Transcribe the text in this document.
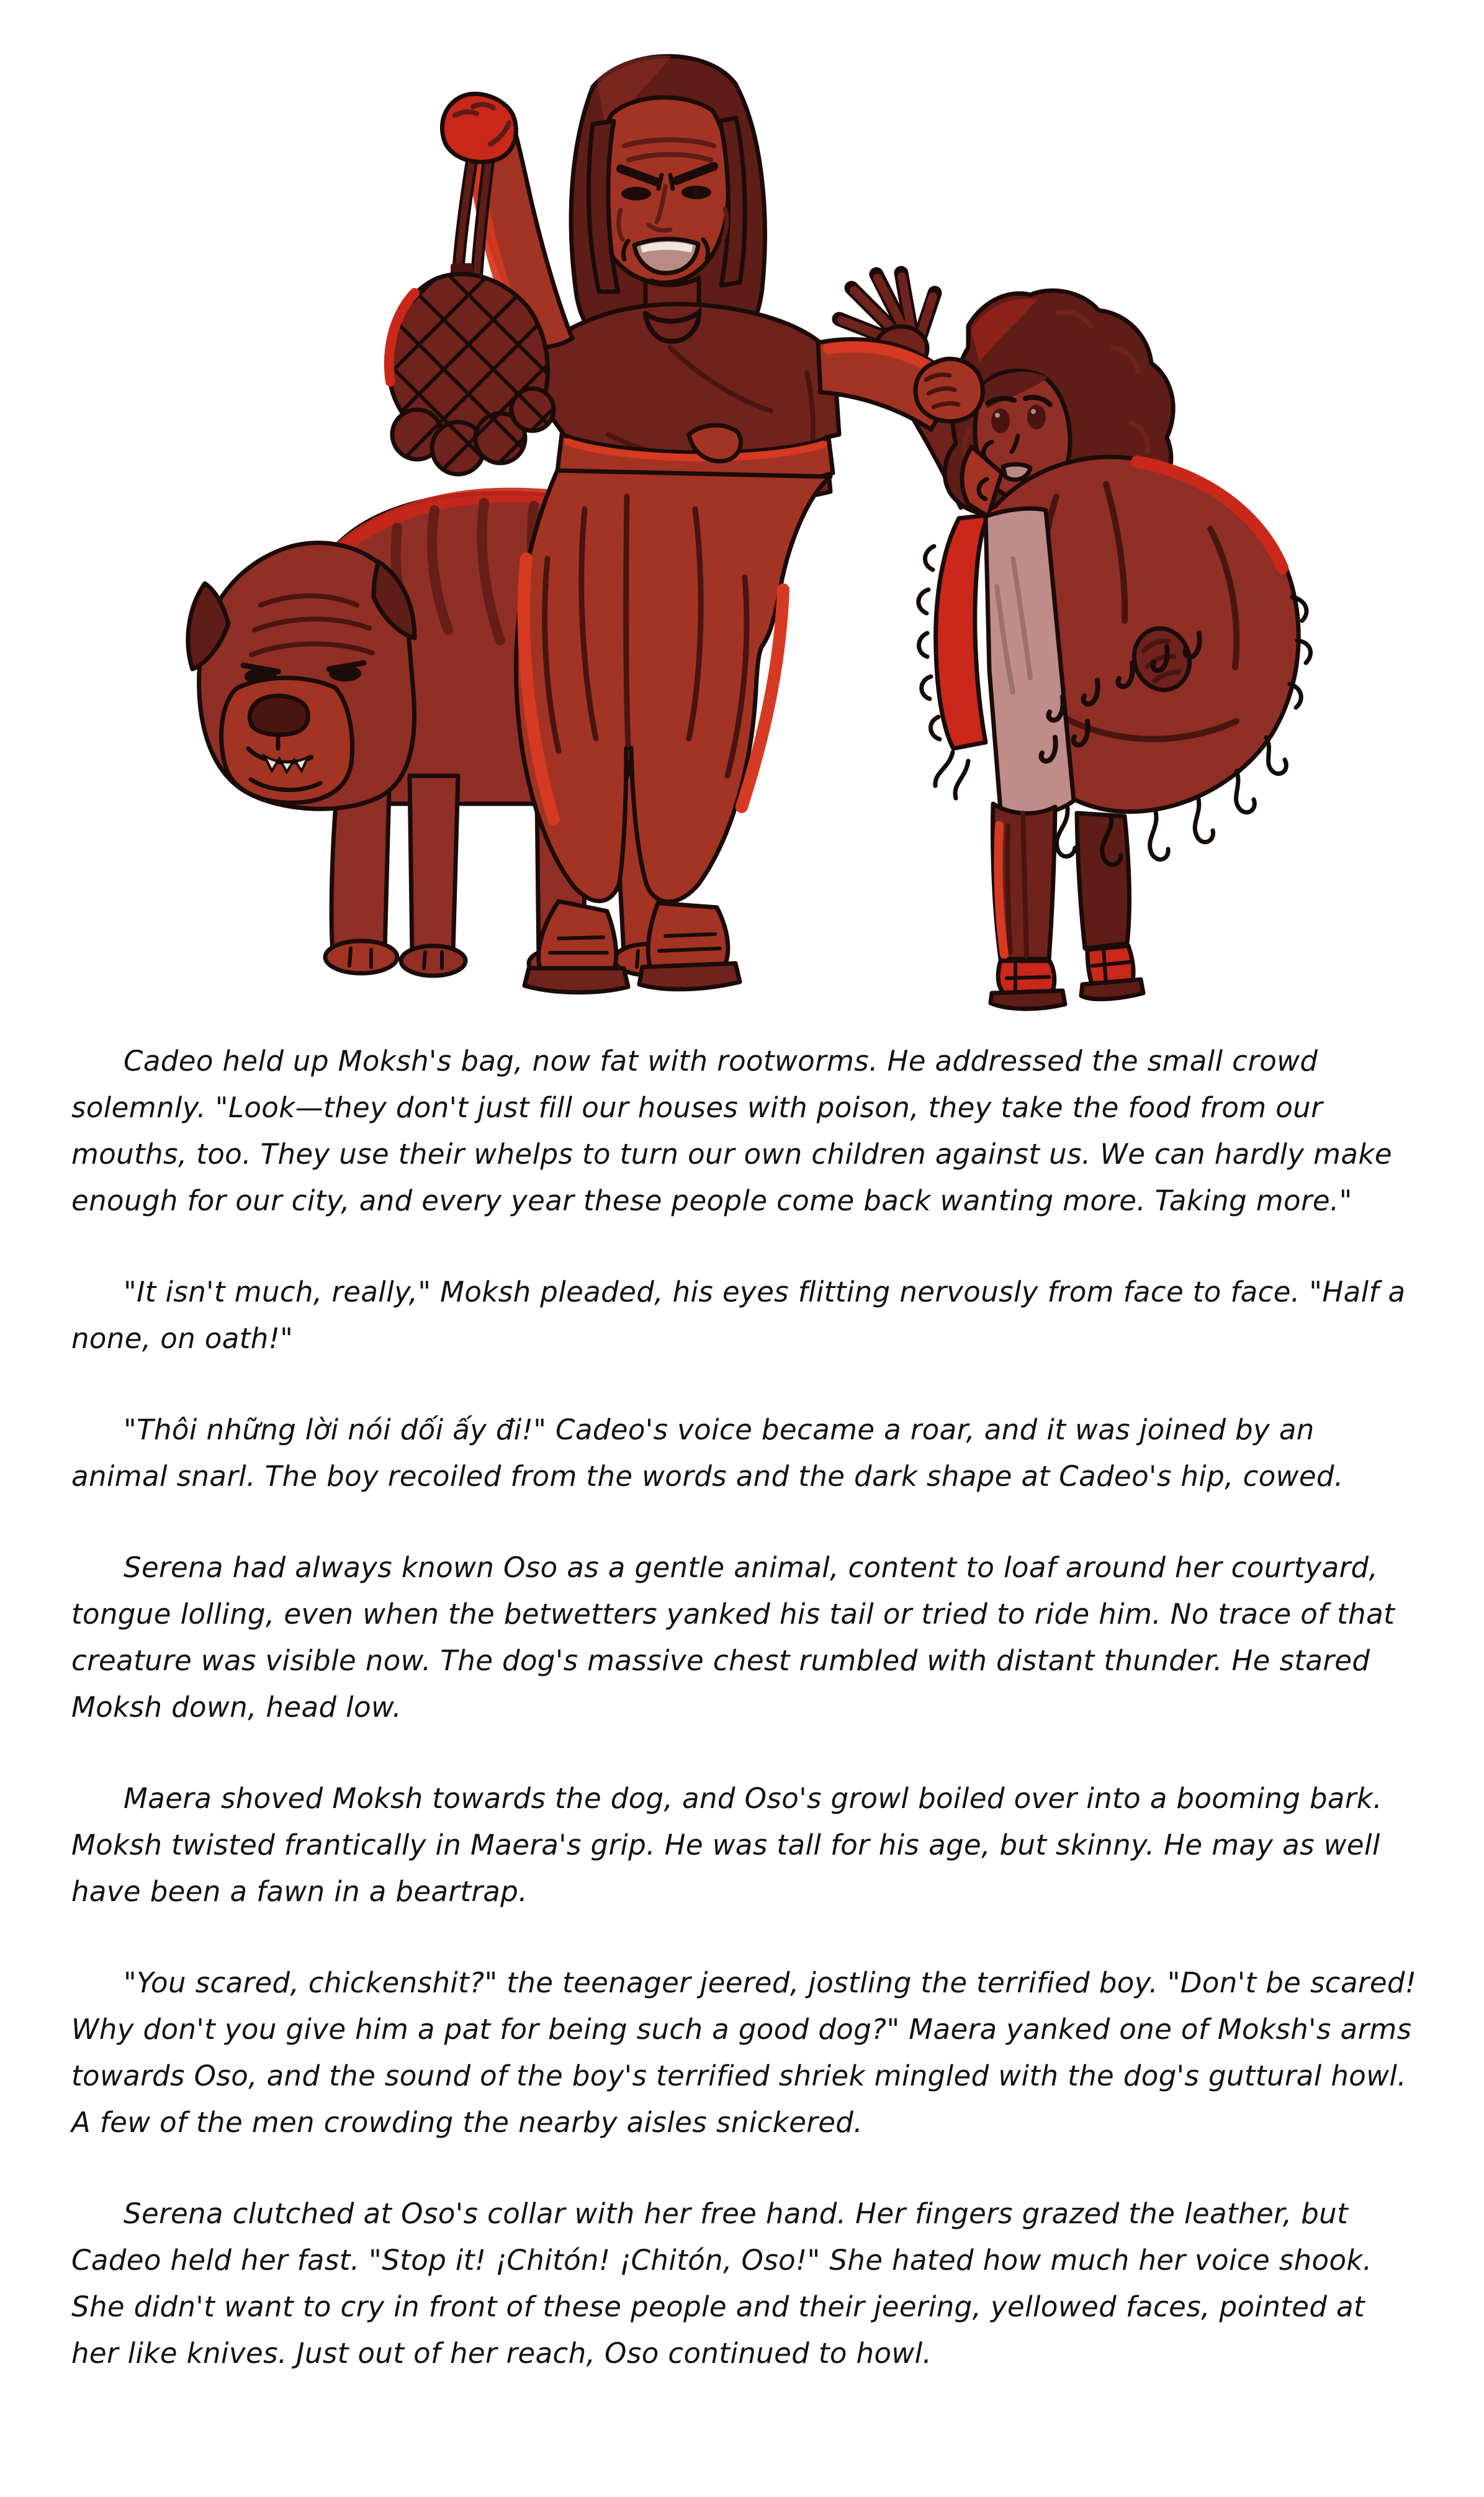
Cadeo held up Moksh's bag, now fat with rootworms. He addressed the small crowd solemnly. "Look—they don't just fill our houses with poison, they take the food from our mouths, too. They use their whelps to turn our own children against us. We can hardly make enough for our city, and every year these people come back wanting more. Taking more."

"It isn't much, really," Moksh pleaded, his eyes flitting nervously from face to face. "Half a none, on oath!"

"Thôi những lời nói dối ấy đi!" Cadeo's voice became a roar, and it was joined by an animal snarl. The boy recoiled from the words and the dark shape at Cadeo's hip, cowed.

Serena had always known Oso as a gentle animal, content to loaf around her courtyard, tongue lolling, even when the betwetters yanked his tail or tried to ride him. No trace of that creature was visible now. The dog's massive chest rumbled with distant thunder. He stared Moksh down, head low.

Maera shoved Moksh towards the dog, and Oso's growl boiled over into a booming bark. Moksh twisted frantically in Maera's grip. He was tall for his age, but skinny. He may as well have been a fawn in a beartrap.

"You scared, chickenshit?" the teenager jeered, jostling the terrified boy. "Don't be scared! Why don't you give him a pat for being such a good dog?" Maera yanked one of Moksh's arms towards Oso, and the sound of the boy's terrified shriek mingled with the dog's guttural howl. A few of the men crowding the nearby aisles snickered.

Serena clutched at Oso's collar with her free hand. Her fingers grazed the leather, but Cadeo held her fast. "Stop it! ¡Chitón! ¡Chitón, Oso!" She hated how much her voice shook. She didn't want to cry in front of these people and their jeering, yellowed faces, pointed at her like knives. Just out of her reach, Oso continued to howl.
